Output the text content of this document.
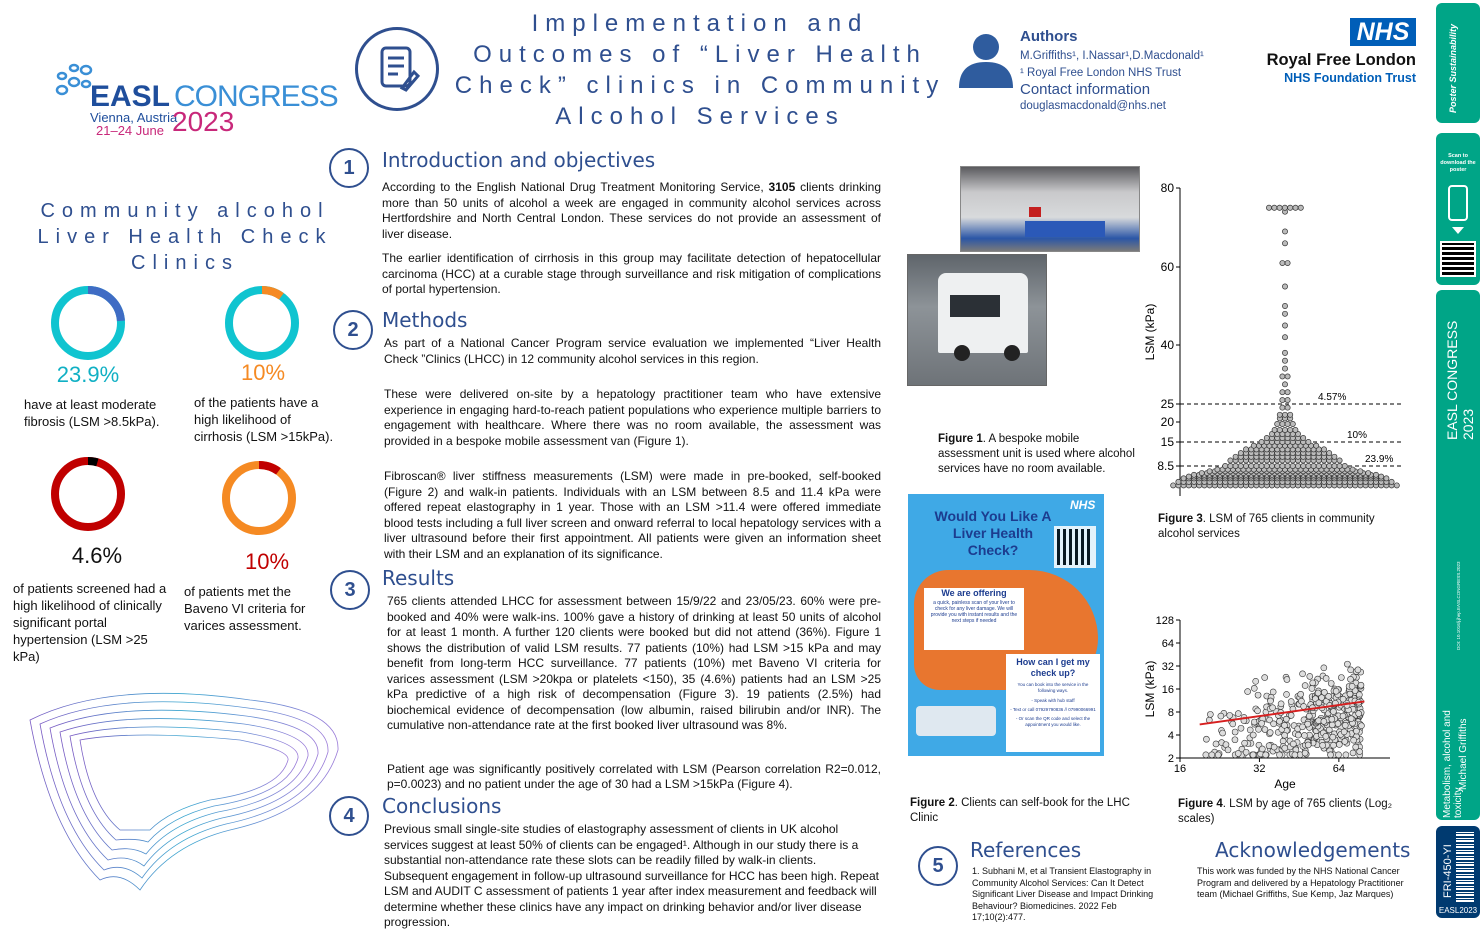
EASL CONGRESS
Vienna, Austria
21–24 June 2023
Implementation and
Outcomes of “Liver Health
Check” clinics in Community
Alcohol Services
Authors
M.Griffiths¹, I.Nassar¹,D.Macdonald¹
¹ Royal Free London NHS Trust
Contact information
douglasmacdonald@nhs.net
NHS
Royal Free London
NHS Foundation Trust
Community alcohol
Liver Health Check
Clinics
23.9%
have at least moderate fibrosis (LSM >8.5kPa).
10%
of the patients have a high likelihood of cirrhosis (LSM >15kPa).
4.6%
of patients screened had a high likelihood of clinically significant portal hypertension (LSM >25 kPa)
10%
of patients met the Baveno VI criteria for varices assessment.
1	Introduction and objectives

According to the English National Drug Treatment Monitoring Service, 3105 clients drinking more than 50 units of alcohol a week are engaged in community alcohol services across Hertfordshire and North Central London. These services do not provide an assessment of liver disease.

The earlier identification of cirrhosis in this group may facilitate detection of hepatocellular carcinoma (HCC) at a curable stage through surveillance and risk mitigation of complications of portal hypertension.

2	Methods

As part of a National Cancer Program service evaluation we implemented “Liver Health Check ”Clinics (LHCC) in 12 community alcohol services in this region.

These were delivered on-site by a hepatology practitioner team who have extensive experience in engaging hard-to-reach patient populations who experience multiple barriers to engagement with healthcare. Where there was no room available, the assessment was provided in a bespoke mobile assessment van (Figure 1).

Fibroscan® liver stiffness measurements (LSM) were made in pre-booked, self-booked (Figure 2) and walk-in patients. Individuals with an LSM between 8.5 and 11.4 kPa were offered repeat elastography in 1 year. Those with an LSM >11.4 were offered immediate blood tests including a full liver screen and onward referral to local hepatology services with a liver ultrasound before their first appointment. All patients were given an information sheet with their LSM and an explanation of its significance.

3	Results

765 clients attended LHCC for assessment between 15/9/22 and 23/05/23. 60% were pre-booked and 40% were walk-ins. 100% gave a history of drinking at least 50 units of alcohol for at least 1 month. A further 120 clients were booked but did not attend (36%). Figure 1 shows the distribution of valid LSM results. 77 patients (10%) had LSM >15 kPa and may benefit from long-term HCC surveillance. 77 patients (10%) met Baveno VI criteria for varices assessment (LSM >20kpa or platelets <150), 35 (4.6%) patients had an LSM >25 kPa predictive of a high risk of decompensation (Figure 3). 19 patients (2.5%) had biochemical evidence of decompensation (low albumin, raised bilirubin and/or INR). The cumulative non-attendance rate at the first booked liver ultrasound was 8%.

Patient age was significantly positively correlated with LSM (Pearson correlation R2=0.012, p=0.0023) and no patient under the age of 30 had a LSM >15kPa (Figure 4).

4	Conclusions
Previous small single-site studies of elastography assessment of clients in UK alcohol services suggest at least 50% of clients can be engaged¹. Although in our study there is a substantial non-attendance rate these slots can be readily filled by walk-in clients. Subsequent engagement in follow-up ultrasound surveillance for HCC has been high. Repeat LSM and AUDIT C assessment of patients 1 year after index measurement and feedback will determine whether these clinics have any impact on drinking behavior and/or liver disease progression.
Figure 1. A bespoke mobile assessment unit is used where alcohol services have no room available.
NHS
Would You Like A
Liver Health
Check?
We are offering
a quick, painless scan of your liver to check for any liver damage. We will provide you with instant results and the next steps if needed
How can I get my check up?
You can book into the service in the following ways.
- Speak with hub staff
- Text or call 07929790836 // 07990066991
- Or scan the QR code and select the appointment you would like.
Figure 2. Clients can self-book for the LHC Clinic
80
60
40
25
20
15
8.5
LSM (kPa)
4.57%
10%
23.9%
Figure 3. LSM of 765 clients in community alcohol services
128
64
32
16
8
4
2
16	32	64
Age
LSM (kPa)
Figure 4. LSM by age of 765 clients (Log₂ scales)
5
References
1. Subhani M, et al Transient Elastography in Community Alcohol Services: Can It Detect Significant Liver Disease and Impact Drinking Behaviour? Biomedicines. 2022 Feb 17;10(2):477.
Acknowledgements
This work was funded by the NHS National Cancer Program and delivered by a Hepatology Practitioner team (Michael Griffiths, Sue Kemp, Jaz Marques)
Poster Sustainability
Scan to download the poster
EASL CONGRESS 2023
DOI: 10.1016/j.jhep.EASLCONGRESS.2023
Metabolism, alcohol and toxicity
Michael Griffiths
FRI-450-YI
EASL2023
